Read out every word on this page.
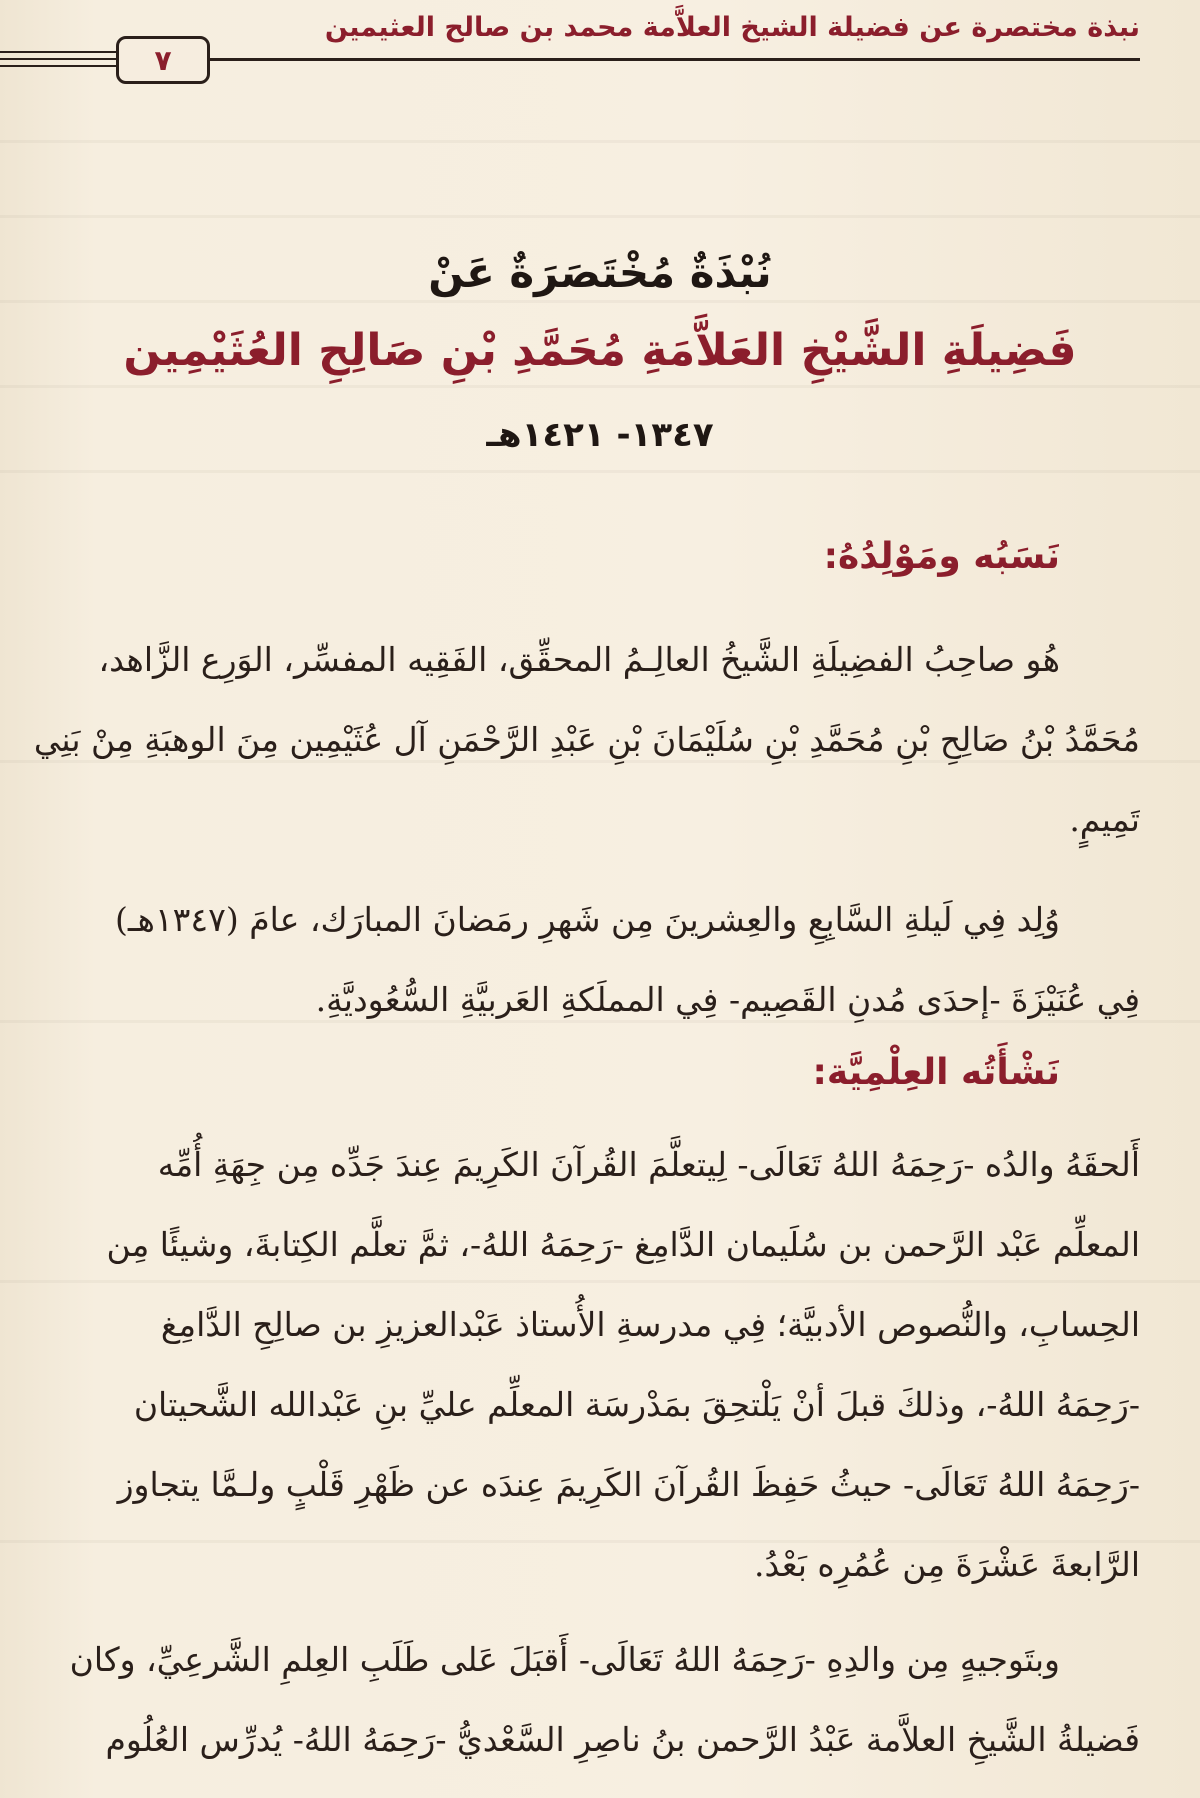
نبذة مختصرة عن فضيلة الشيخ العلاَّمة محمد بن صالح العثيمين
٧
نُبْذَةٌ مُخْتَصَرَةٌ عَنْ
فَضِيلَةِ الشَّيْخِ العَلاَّمَةِ مُحَمَّدِ بْنِ صَالِحِ العُثَيْمِين
١٣٤٧- ١٤٢١هـ
نَسَبُه ومَوْلِدُهُ:
هُو صاحِبُ الفضِيلَةِ الشَّيخُ العالِـمُ المحقِّق، الفَقِيه المفسِّر، الوَرِع الزَّاهد،
مُحَمَّدُ بْنُ صَالِحِ بْنِ مُحَمَّدِ بْنِ سُلَيْمَانَ بْنِ عَبْدِ الرَّحْمَنِ آل عُثَيْمِين مِنَ الوهبَةِ مِنْ بَنِي
تَمِيمٍ.
وُلِد فِي لَيلةِ السَّابِعِ والعِشرينَ مِن شَهرِ رمَضانَ المبارَك، عامَ (١٣٤٧هـ)
فِي عُنَيْزَةَ -إحدَى مُدنِ القَصِيم- فِي المملَكةِ العَربيَّةِ السُّعُوديَّةِ.
نَشْأَتُه العِلْمِيَّة:
أَلحقَهُ والدُه -رَحِمَهُ اللهُ تَعَالَى- لِيتعلَّمَ القُرآنَ الكَرِيمَ عِندَ جَدِّه مِن جِهَةِ أُمِّه
المعلِّم عَبْد الرَّحمن بن سُلَيمان الدَّامِغ -رَحِمَهُ اللهُ-، ثمَّ تعلَّم الكِتابةَ، وشيئًا مِن
الحِسابِ، والنُّصوص الأدبيَّة؛ فِي مدرسةِ الأُستاذ عَبْدالعزيزِ بن صالِحِ الدَّامِغ
-رَحِمَهُ اللهُ-، وذلكَ قبلَ أنْ يَلْتحِقَ بمَدْرسَة المعلِّم عليِّ بنِ عَبْدالله الشَّحيتان
-رَحِمَهُ اللهُ تَعَالَى- حيثُ حَفِظَ القُرآنَ الكَرِيمَ عِندَه عن ظَهْرِ قَلْبٍ ولـمَّا يتجاوز
الرَّابعةَ عَشْرَةَ مِن عُمُرِه بَعْدُ.
وبتَوجيهٍ مِن والدِهِ -رَحِمَهُ اللهُ تَعَالَى- أَقبَلَ عَلى طَلَبِ العِلمِ الشَّرعِيِّ، وكان
فَضيلةُ الشَّيخِ العلاَّمة عَبْدُ الرَّحمن بنُ ناصِرِ السَّعْديُّ -رَحِمَهُ اللهُ- يُدرِّس العُلُوم
